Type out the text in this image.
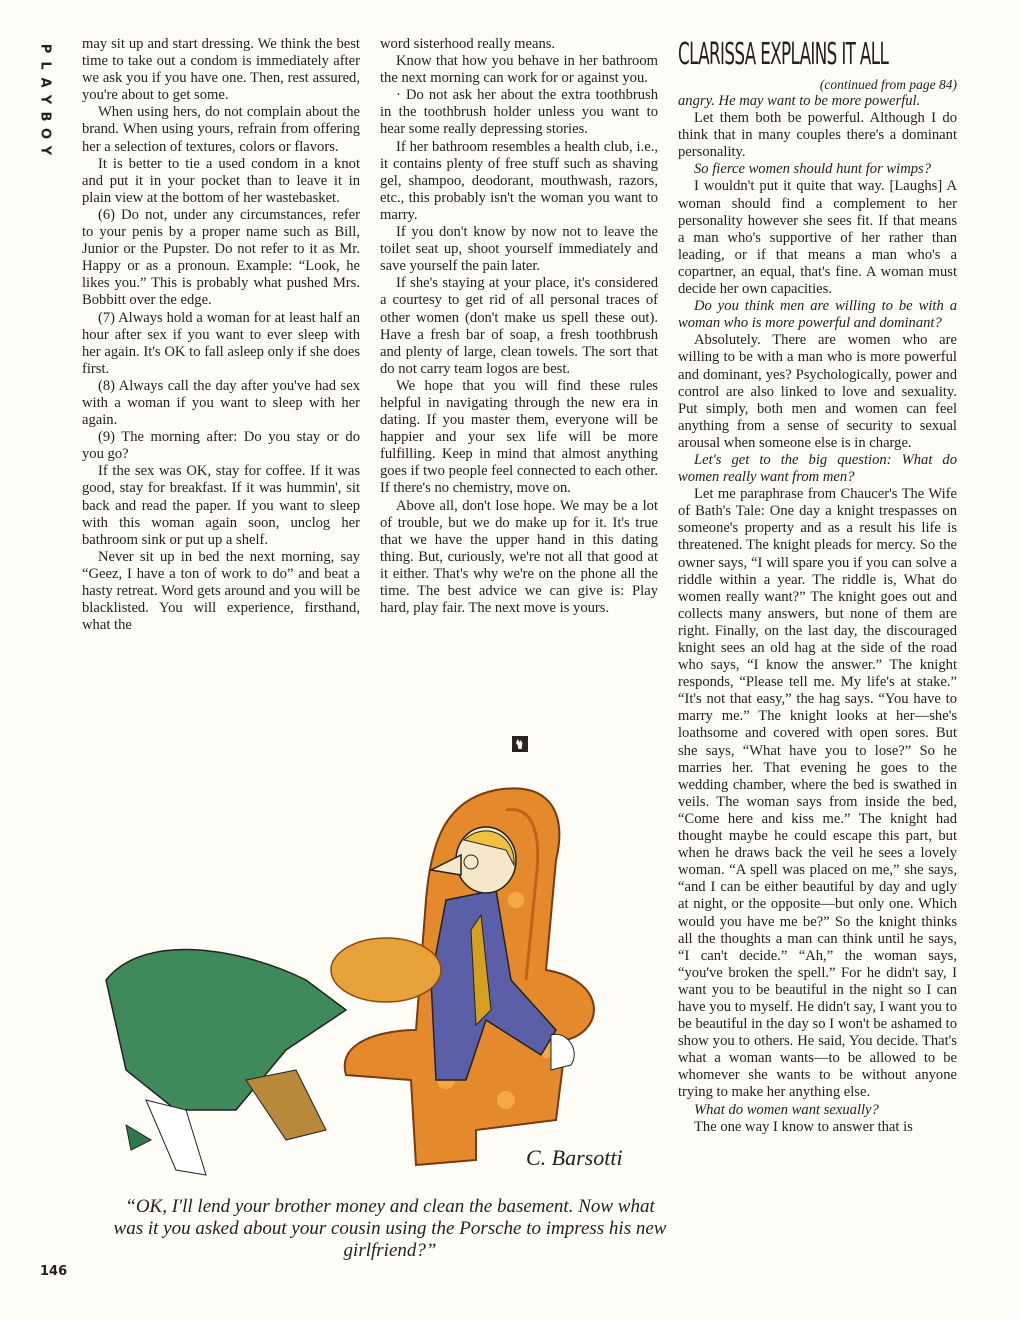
P
L
A
Y
B
O
Y

may sit up and start dressing. We think the best time to take out a condom is immediately after we ask you if you have one. Then, rest assured, you're about to get some.

When using hers, do not complain about the brand. When using yours, refrain from offering her a selection of textures, colors or flavors.

It is better to tie a used condom in a knot and put it in your pocket than to leave it in plain view at the bottom of her wastebasket.

(6) Do not, under any circumstances, refer to your penis by a proper name such as Bill, Junior or the Pupster. Do not refer to it as Mr. Happy or as a pronoun. Example: “Look, he likes you.” This is probably what pushed Mrs. Bobbitt over the edge.

(7) Always hold a woman for at least half an hour after sex if you want to ever sleep with her again. It's OK to fall asleep only if she does first.

(8) Always call the day after you've had sex with a woman if you want to sleep with her again.

(9) The morning after: Do you stay or do you go?

If the sex was OK, stay for coffee. If it was good, stay for breakfast. If it was hummin', sit back and read the paper. If you want to sleep with this woman again soon, unclog her bathroom sink or put up a shelf.

Never sit up in bed the next morning, say “Geez, I have a ton of work to do” and beat a hasty retreat. Word gets around and you will be blacklisted. You will experience, firsthand, what the

word sisterhood really means.

Know that how you behave in her bathroom the next morning can work for or against you.

· Do not ask her about the extra toothbrush in the toothbrush holder unless you want to hear some really depressing stories.

If her bathroom resembles a health club, i.e., it contains plenty of free stuff such as shaving gel, shampoo, deodorant, mouthwash, razors, etc., this probably isn't the woman you want to marry.

If you don't know by now not to leave the toilet seat up, shoot yourself immediately and save yourself the pain later.

If she's staying at your place, it's considered a courtesy to get rid of all personal traces of other women (don't make us spell these out). Have a fresh bar of soap, a fresh toothbrush and plenty of large, clean towels. The sort that do not carry team logos are best.

We hope that you will find these rules helpful in navigating through the new era in dating. If you master them, everyone will be happier and your sex life will be more fulfilling. Keep in mind that almost anything goes if two people feel connected to each other. If there's no chemistry, move on.

Above all, don't lose hope. We may be a lot of trouble, but we do make up for it. It's true that we have the upper hand in this dating thing. But, curiously, we're not all that good at it either. That's why we're on the phone all the time. The best advice we can give is: Play hard, play fair. The next move is yours.

CLARISSA EXPLAINS IT ALL

(continued from page 84)

angry. He may want to be more powerful.

Let them both be powerful. Although I do think that in many couples there's a dominant personality.

So fierce women should hunt for wimps?

I wouldn't put it quite that way. [Laughs] A woman should find a complement to her personality however she sees fit. If that means a man who's supportive of her rather than leading, or if that means a man who's a copartner, an equal, that's fine. A woman must decide her own capacities.

Do you think men are willing to be with a woman who is more powerful and dominant?

Absolutely. There are women who are willing to be with a man who is more powerful and dominant, yes? Psychologically, power and control are also linked to love and sexuality. Put simply, both men and women can feel anything from a sense of security to sexual arousal when someone else is in charge.

Let's get to the big question: What do women really want from men?

Let me paraphrase from Chaucer's The Wife of Bath's Tale: One day a knight trespasses on someone's property and as a result his life is threatened. The knight pleads for mercy. So the owner says, “I will spare you if you can solve a riddle within a year. The riddle is, What do women really want?” The knight goes out and collects many answers, but none of them are right. Finally, on the last day, the discouraged knight sees an old hag at the side of the road who says, “I know the answer.” The knight responds, “Please tell me. My life's at stake.” “It's not that easy,” the hag says. “You have to marry me.” The knight looks at her—she's loathsome and covered with open sores. But she says, “What have you to lose?” So he marries her. That evening he goes to the wedding chamber, where the bed is swathed in veils. The woman says from inside the bed, “Come here and kiss me.” The knight had thought maybe he could escape this part, but when he draws back the veil he sees a lovely woman. “A spell was placed on me,” she says, “and I can be either beautiful by day and ugly at night, or the opposite—but only one. Which would you have me be?” So the knight thinks all the thoughts a man can think until he says, “I can't decide.” “Ah,” the woman says, “you've broken the spell.” For he didn't say, I want you to be beautiful in the night so I can have you to myself. He didn't say, I want you to be beautiful in the day so I won't be ashamed to show you to others. He said, You decide. That's what a woman wants—to be allowed to be whomever she wants to be without anyone trying to make her anything else.

What do women want sexually?

The one way I know to answer that is

C. Barsotti
“OK, I'll lend your brother money and clean the basement. Now what was it you asked about your cousin using the Porsche to impress his new girlfriend?”
146
